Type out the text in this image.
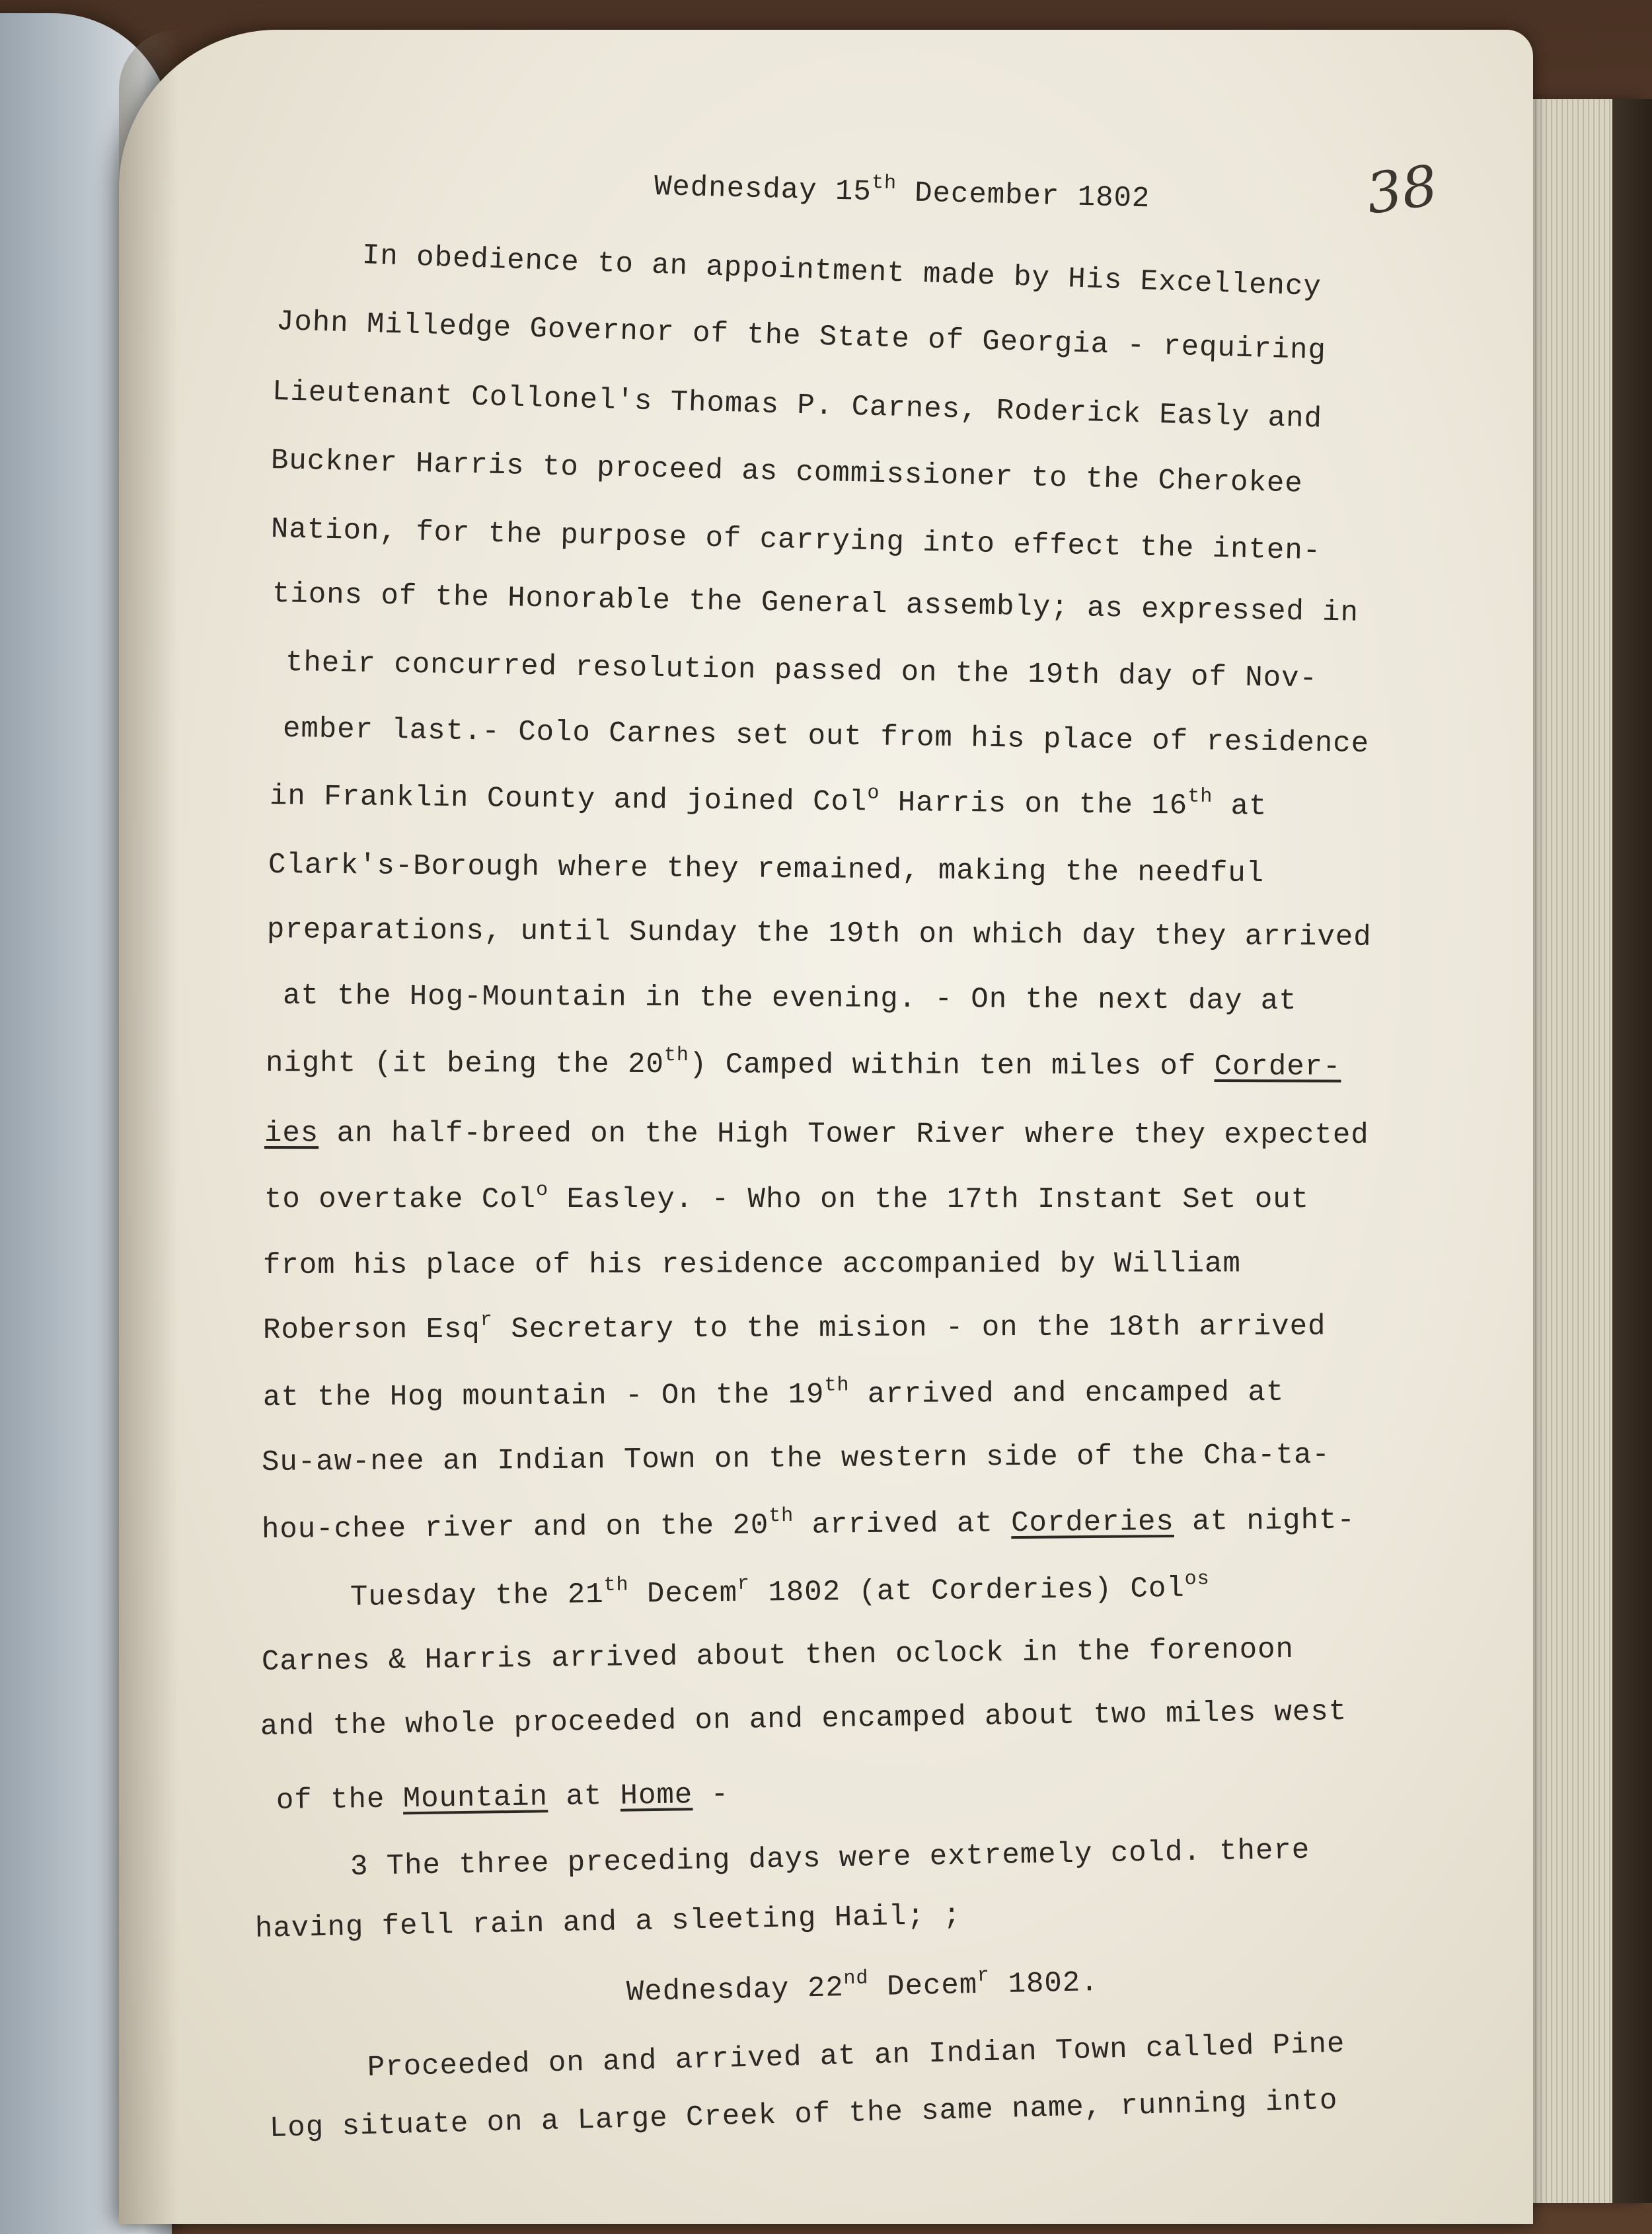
38
Wednesday 15th December 1802
In obedience to an appointment made by His Excellency
John Milledge Governor of the State of Georgia - requiring
Lieutenant Collonel's Thomas P. Carnes, Roderick Easly and
Buckner Harris to proceed as commissioner to the Cherokee
Nation, for the purpose of carrying into effect the inten-
tions of the Honorable the General assembly; as expressed in
their concurred resolution passed on the 19th day of Nov-
ember last.- Colo Carnes set out from his place of residence
in Franklin County and joined Col$^o$ Harris on the 16th at
Clark's-Borough where they remained, making the needful
preparations, until Sunday the 19th on which day they arrived
at the Hog-Mountain in the evening. - On the next day at
night (it being the 20th) Camped within ten miles of Corder-
ies an half-breed on the High Tower River where they expected
to overtake Col$^o$ Easley. - Who on the 17th Instant Set out
from his place of his residence accompanied by William
Roberson Esq$^r$ Secretary to the mision - on the 18th arrived
at the Hog mountain - On the 19th arrived and encamped at
Su-aw-nee an Indian Town on the western side of the Cha-ta-
hou-chee river and on the 20th arrived at Corderies at night-
Tuesday the 21th Decem$^r$ 1802 (at Corderies) Col$^{os}$
Carnes & Harris arrived about then oclock in the forenoon
and the whole proceeded on and encamped about two miles west
of the Mountain at Home -
3 The three preceding days were extremely cold. there
having fell rain and a sleeting Hail; ;
Wednesday 22nd Decem$^r$ 1802.
Proceeded on and arrived at an Indian Town called Pine
Log situate on a Large Creek of the same name, running into
